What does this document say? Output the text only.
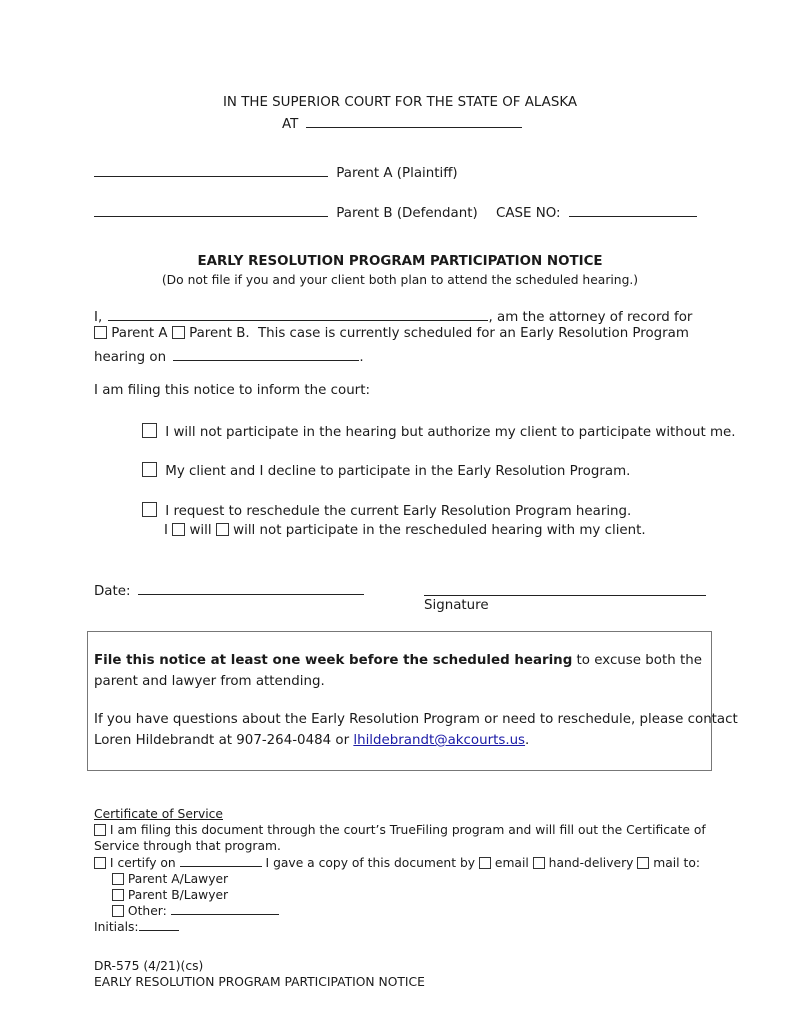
IN THE SUPERIOR COURT FOR THE STATE OF ALASKA
AT
Parent A (Plaintiff)
Parent B (Defendant) CASE NO:
EARLY RESOLUTION PROGRAM PARTICIPATION NOTICE
(Do not file if you and your client both plan to attend the scheduled hearing.)
I,	, am the attorney of record for
Parent A Parent B. This case is currently scheduled for an Early Resolution Program
hearing on	.
I am filing this notice to inform the court:
I will not participate in the hearing but authorize my client to participate without me.
My client and I decline to participate in the Early Resolution Program.
I request to reschedule the current Early Resolution Program hearing.
I will will not participate in the rescheduled hearing with my client.
Date:
Signature
File this notice at least one week before the scheduled hearing to excuse both the
parent and lawyer from attending.
If you have questions about the Early Resolution Program or need to reschedule, please contact
Loren Hildebrandt at 907-264-0484 or lhildebrandt@akcourts.us.
Certificate of Service
I am filing this document through the court’s TrueFiling program and will fill out the Certificate of
Service through that program.
I certify on	I gave a copy of this document by email hand-delivery mail to:
Parent A/Lawyer
Parent B/Lawyer
Other:
Initials:
DR-575 (4/21)(cs)
EARLY RESOLUTION PROGRAM PARTICIPATION NOTICE
